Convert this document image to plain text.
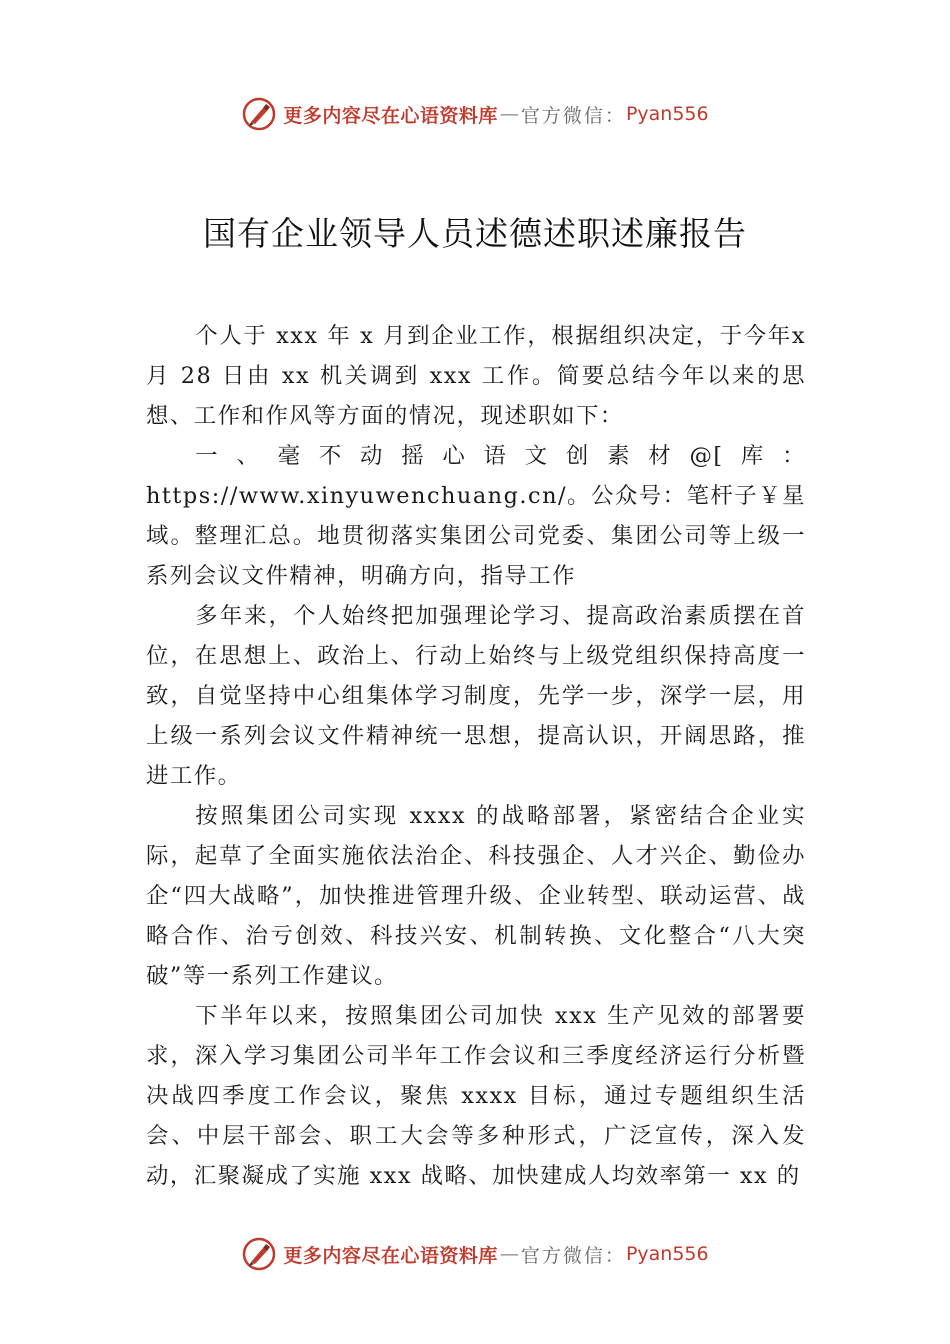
更多内容尽在心语资料库 — 官方微信： Pyan556
国有企业领导人员述德述职述廉报告

个人于 xxx 年 x 月到企业工作，根据组织决定，于今年x 月 28 日由 xx 机关调到 xxx 工作。简要总结今年以来的思想、工作和作风等方面的情况，现述职如下：

一、毫不动摇心语文创素材@[库：https://www.xinyuwenchuang.cn/。公众号：笔杆子￥星域。整理汇总。地贯彻落实集团公司党委、集团公司等上级一系列会议文件精神，明确方向，指导工作

多年来，个人始终把加强理论学习、提高政治素质摆在首位，在思想上、政治上、行动上始终与上级党组织保持高度一致，自觉坚持中心组集体学习制度，先学一步，深学一层，用上级一系列会议文件精神统一思想，提高认识，开阔思路，推进工作。

按照集团公司实现 xxxx 的战略部署，紧密结合企业实际，起草了全面实施依法治企、科技强企、人才兴企、勤俭办企“四大战略”，加快推进管理升级、企业转型、联动运营、战略合作、治亏创效、科技兴安、机制转换、文化整合“八大突破”等一系列工作建议。

下半年以来，按照集团公司加快 xxx 生产见效的部署要求，深入学习集团公司半年工作会议和三季度经济运行分析暨决战四季度工作会议，聚焦 xxxx 目标，通过专题组织生活会、中层干部会、职工大会等多种形式，广泛宣传，深入发动，汇聚凝成了实施 xxx 战略、加快建成人均效率第一 xx 的

更多内容尽在心语资料库 — 官方微信： Pyan556
